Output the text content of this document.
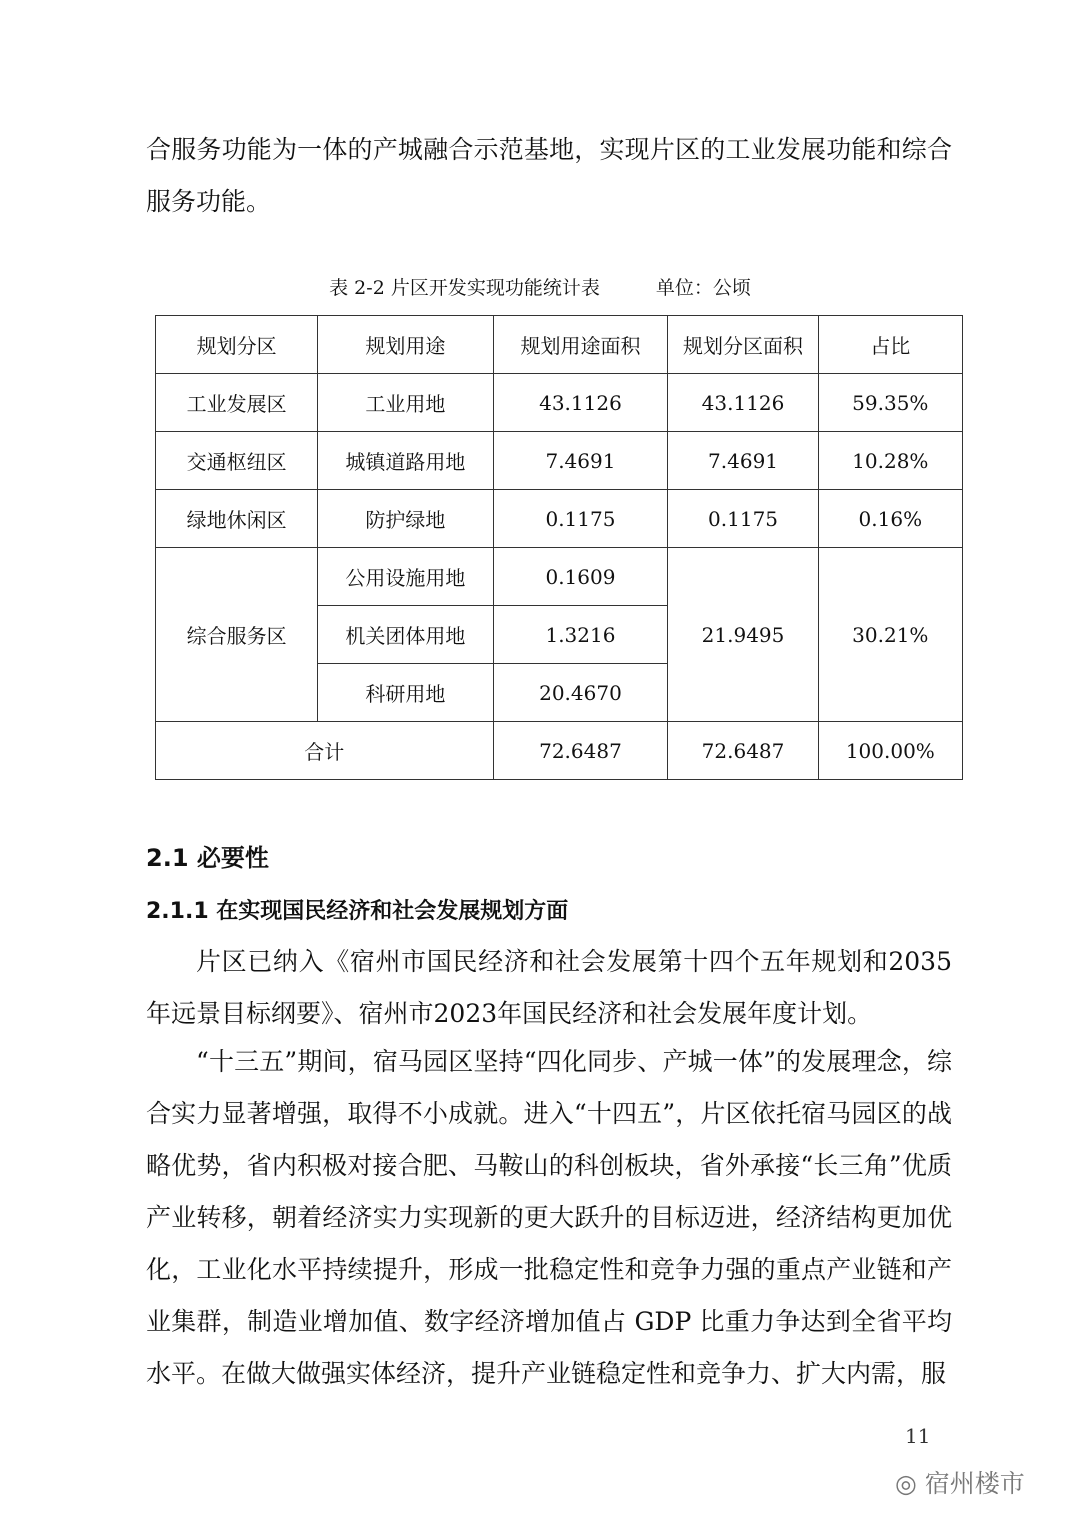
合服务功能为一体的产城融合示范基地，实现片区的工业发展功能和综合服务功能。

表 2-2 片区开发实现功能统计表	单位：公顷
规划分区	规划用途	规划用途面积	规划分区面积	占比
工业发展区	工业用地	43.1126	43.1126	59.35%
交通枢纽区	城镇道路用地	7.4691	7.4691	10.28%
绿地休闲区	防护绿地	0.1175	0.1175	0.16%
综合服务区	公用设施用地	0.1609	21.9495	30.21%
	机关团体用地	1.3216		
	科研用地	20.4670		
合计		72.6487	72.6487	100.00%
2.1 必要性
2.1.1 在实现国民经济和社会发展规划方面

片区已纳入《宿州市国民经济和社会发展第十四个五年规划和2035年远景目标纲要》、宿州市2023年国民经济和社会发展年度计划。

“十三五”期间，宿马园区坚持“四化同步、产城一体”的发展理念，综合实力显著增强，取得不小成就。进入“十四五”，片区依托宿马园区的战略优势，省内积极对接合肥、马鞍山的科创板块，省外承接“长三角”优质产业转移，朝着经济实力实现新的更大跃升的目标迈进，经济结构更加优化，工业化水平持续提升，形成一批稳定性和竞争力强的重点产业链和产业集群，制造业增加值、数字经济增加值占 GDP 比重力争达到全省平均水平。在做大做强实体经济，提升产业链稳定性和竞争力、扩大内需，服

11
◎ 宿州楼市
